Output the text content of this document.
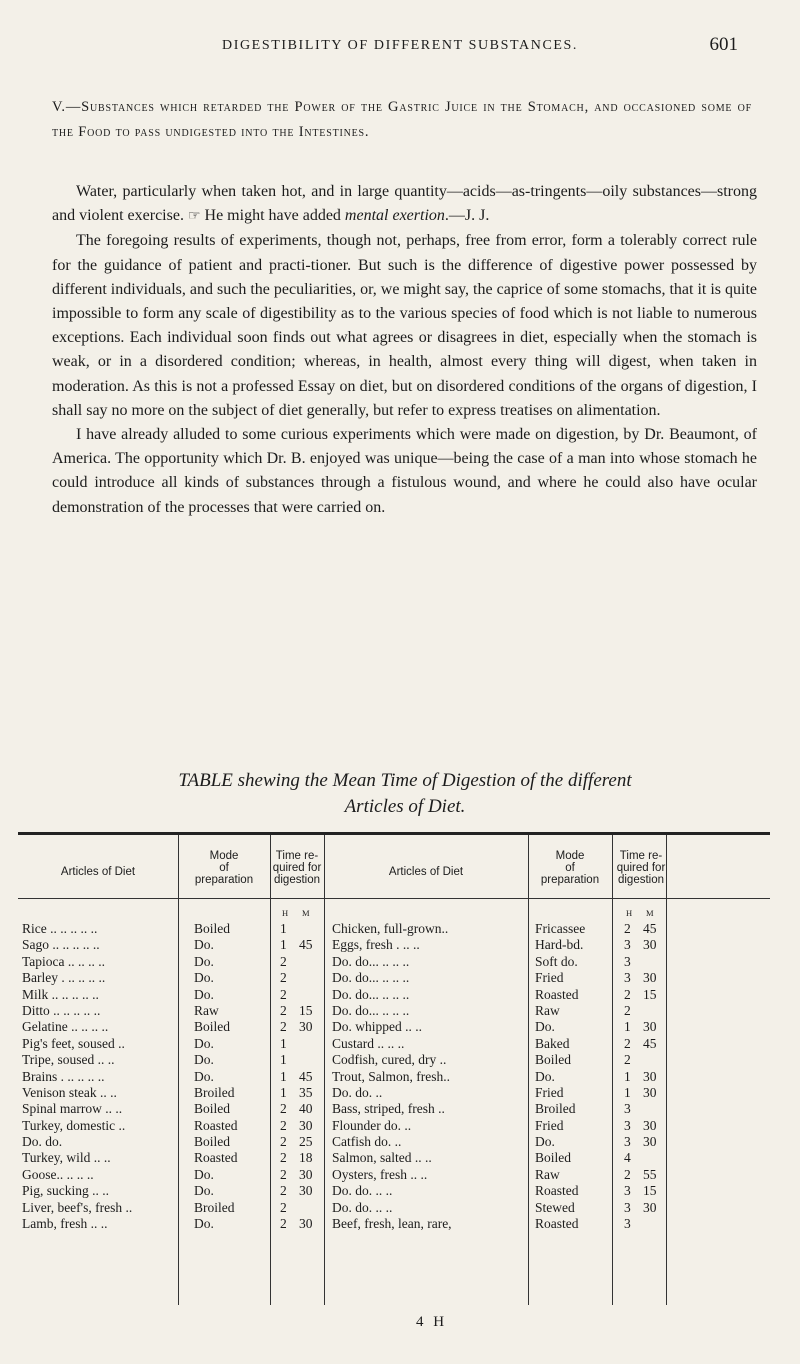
DIGESTIBILITY OF DIFFERENT SUBSTANCES.	601
V.—Substances which retarded the Power of the Gastric Juice in the Stomach, and occasioned some of the Food to pass undigested into the Intestines.

Water, particularly when taken hot, and in large quantity—acids—as-tringents—oily substances—strong and violent exercise. ☞ He might have added mental exertion.—J. J.

The foregoing results of experiments, though not, perhaps, free from error, form a tolerably correct rule for the guidance of patient and practi-tioner. But such is the difference of digestive power possessed by different individuals, and such the peculiarities, or, we might say, the caprice of some stomachs, that it is quite impossible to form any scale of digestibility as to the various species of food which is not liable to numerous exceptions. Each individual soon finds out what agrees or disagrees in diet, especially when the stomach is weak, or in a disordered condition; whereas, in health, almost every thing will digest, when taken in moderation. As this is not a professed Essay on diet, but on disordered conditions of the organs of digestion, I shall say no more on the subject of diet generally, but refer to express treatises on alimentation.

I have already alluded to some curious experiments which were made on digestion, by Dr. Beaumont, of America. The opportunity which Dr. B. enjoyed was unique—being the case of a man into whose stomach he could introduce all kinds of substances through a fistulous wound, and where he could also have ocular demonstration of the processes that were carried on.

TABLE shewing the Mean Time of Digestion of the different
Articles of Diet.
Articles of Diet
Mode
of
preparation
Time re-
quired for
digestion
Articles of Diet
Mode
of
preparation
Time re-
quired for
digestion
H M	H M
Rice .. .. .. .. ..	Boiled	1	Chicken, full-grown..	Fricassee	2 45
Sago .. .. .. .. ..	Do.	1 45 Eggs, fresh . .. ..	Hard-bd.	3 30
Tapioca .. .. .. ..	Do.	2	Do. do... .. .. ..	Soft do.	3
Barley . .. .. .. ..	Do.	2	Do. do... .. .. ..	Fried	3 30
Milk .. .. .. .. ..	Do.	2	Do. do... .. .. ..	Roasted	2 15
Ditto .. .. .. .. ..	Raw	2 15 Do. do... .. .. ..	Raw	2
Gelatine .. .. .. ..	Boiled	2 30 Do. whipped .. ..	Do.	1 30
Pig's feet, soused ..	Do.	1	Custard .. .. ..	Baked	2 45
Tripe, soused .. ..	Do.	1	Codfish, cured, dry ..	Boiled	2
Brains . .. .. .. ..	Do.	1 45 Trout, Salmon, fresh..	Do.	1 30
Venison steak .. ..	Broiled	1 35 Do. do. ..	Fried	1 30
Spinal marrow .. ..	Boiled	2 40 Bass, striped, fresh ..	Broiled	3
Turkey, domestic ..	Roasted	2 30 Flounder do. ..	Fried	3 30
Do. do.	Boiled	2 25 Catfish do. ..	Do.	3 30
Turkey, wild .. ..	Roasted	2 18 Salmon, salted .. ..	Boiled	4
Goose.. .. .. ..	Do.	2 30 Oysters, fresh .. ..	Raw	2 55
Pig, sucking .. ..	Do.	2 30 Do. do. .. ..	Roasted	3 15
Liver, beef's, fresh ..	Broiled	2	Do. do. .. ..	Stewed	3 30
Lamb, fresh .. ..	Do.	2 30 Beef, fresh, lean, rare,	Roasted	3
4 H
